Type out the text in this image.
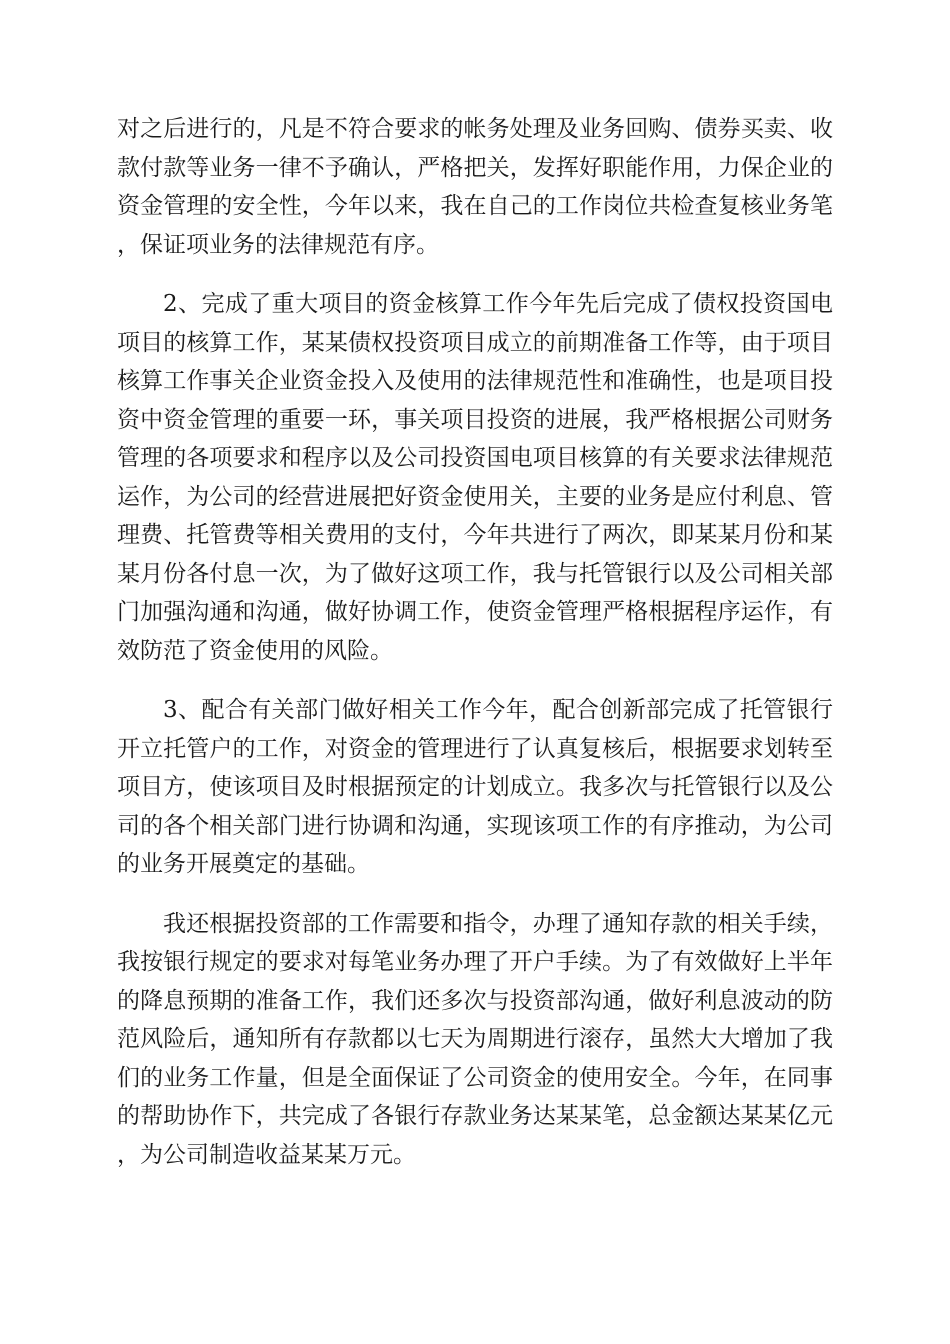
对之后进行的，凡是不符合要求的帐务处理及业务回购、债券买卖、收款付款等业务一律不予确认，严格把关，发挥好职能作用，力保企业的资金管理的安全性，今年以来，我在自己的工作岗位共检查复核业务笔，保证项业务的法律规范有序。

2、完成了重大项目的资金核算工作今年先后完成了债权投资国电项目的核算工作，某某债权投资项目成立的前期准备工作等，由于项目核算工作事关企业资金投入及使用的法律规范性和准确性，也是项目投资中资金管理的重要一环，事关项目投资的进展，我严格根据公司财务管理的各项要求和程序以及公司投资国电项目核算的有关要求法律规范运作，为公司的经营进展把好资金使用关，主要的业务是应付利息、管理费、托管费等相关费用的支付，今年共进行了两次，即某某月份和某某月份各付息一次，为了做好这项工作，我与托管银行以及公司相关部门加强沟通和沟通，做好协调工作，使资金管理严格根据程序运作，有效防范了资金使用的风险。

3、配合有关部门做好相关工作今年，配合创新部完成了托管银行开立托管户的工作，对资金的管理进行了认真复核后，根据要求划转至项目方，使该项目及时根据预定的计划成立。我多次与托管银行以及公司的各个相关部门进行协调和沟通，实现该项工作的有序推动，为公司的业务开展奠定的基础。

我还根据投资部的工作需要和指令，办理了通知存款的相关手续，我按银行规定的要求对每笔业务办理了开户手续。为了有效做好上半年的降息预期的准备工作，我们还多次与投资部沟通，做好利息波动的防范风险后，通知所有存款都以七天为周期进行滚存，虽然大大增加了我们的业务工作量，但是全面保证了公司资金的使用安全。今年，在同事的帮助协作下，共完成了各银行存款业务达某某笔，总金额达某某亿元，为公司制造收益某某万元。
